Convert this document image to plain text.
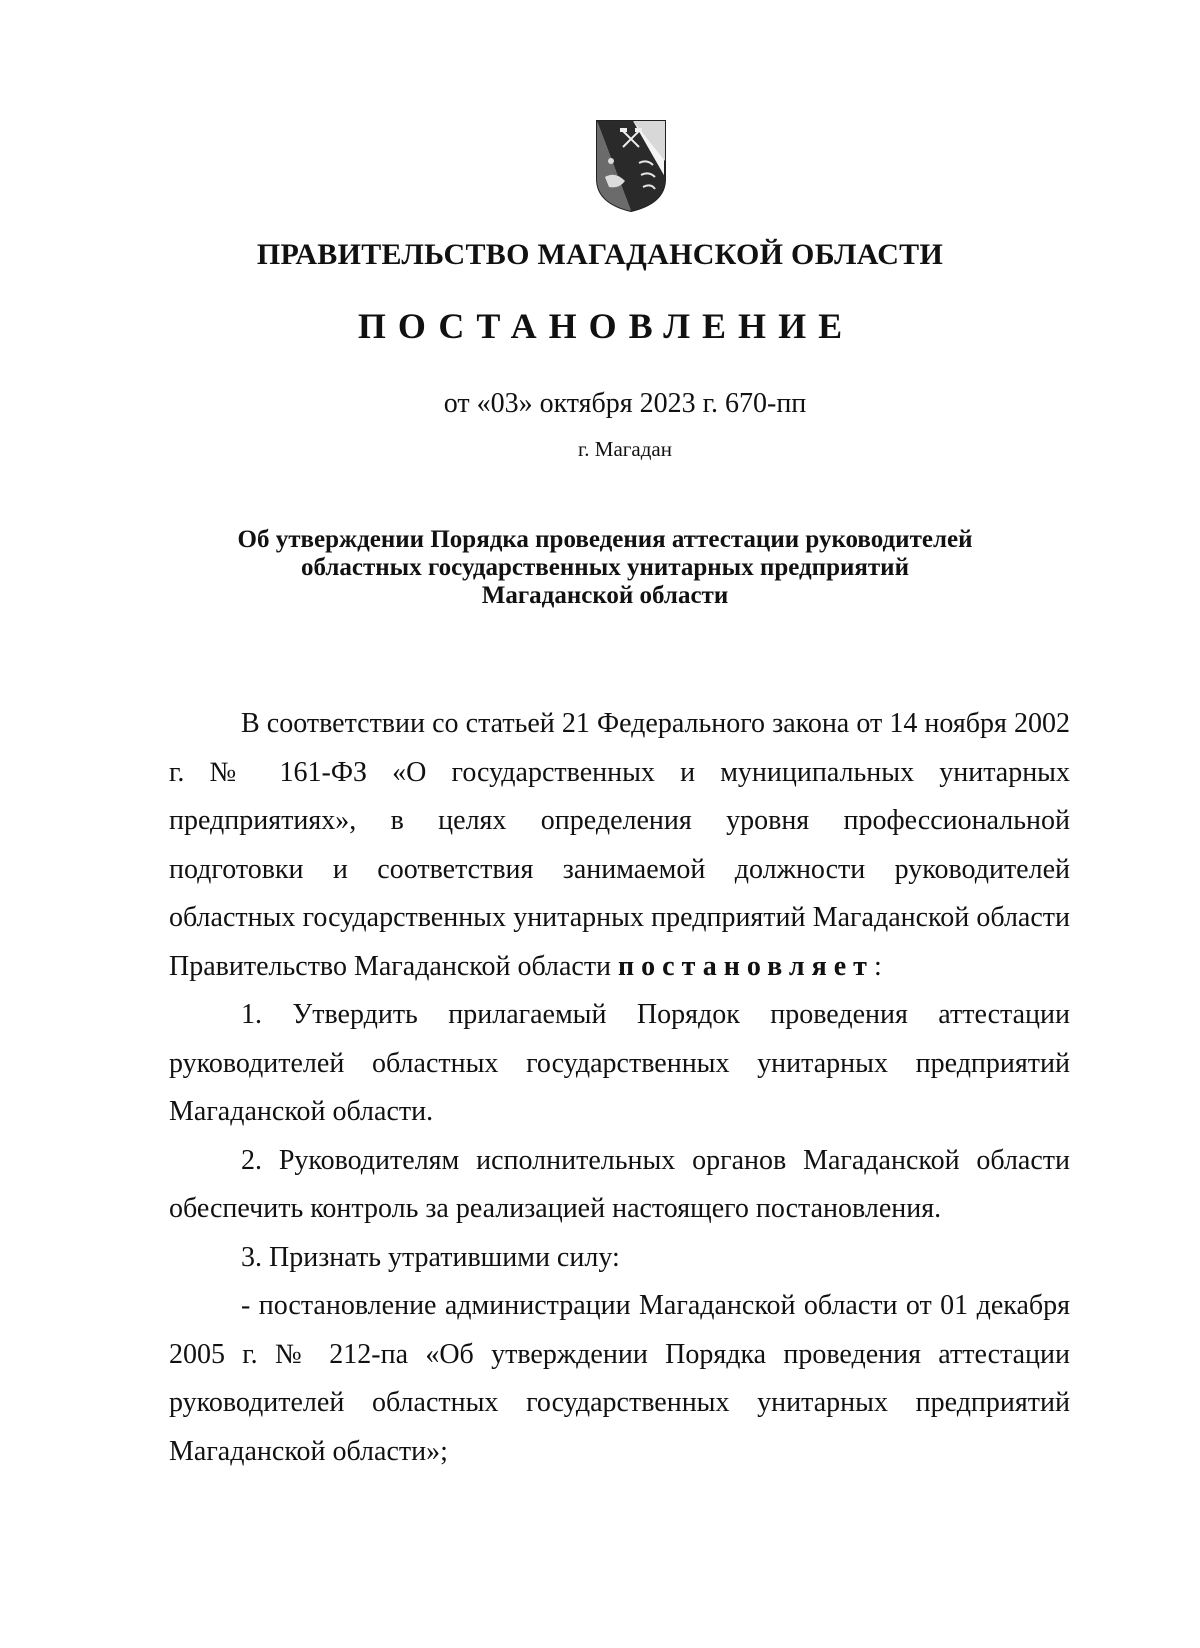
ПРАВИТЕЛЬСТВО МАГАДАНСКОЙ ОБЛАСТИ
ПОСТАНОВЛЕНИЕ
от «03» октября 2023 г. 670-пп
г. Магадан
Об утверждении Порядка проведения аттестации руководителей
областных государственных унитарных предприятий
Магаданской области

В соответствии со статьей 21 Федерального закона от 14 ноября 2002 г. № 161-ФЗ «О государственных и муниципальных унитарных предприятиях», в целях определения уровня профессиональной подготовки и соответствия занимаемой должности руководителей областных государственных унитарных предприятий Магаданской области Правительство Магаданской области постановляет:

1. Утвердить прилагаемый Порядок проведения аттестации руководителей областных государственных унитарных предприятий Магаданской области.

2. Руководителям исполнительных органов Магаданской области обеспечить контроль за реализацией настоящего постановления.

3. Признать утратившими силу:

- постановление администрации Магаданской области от 01 декабря 2005 г. № 212-па «Об утверждении Порядка проведения аттестации руководителей областных государственных унитарных предприятий Магаданской области»;
